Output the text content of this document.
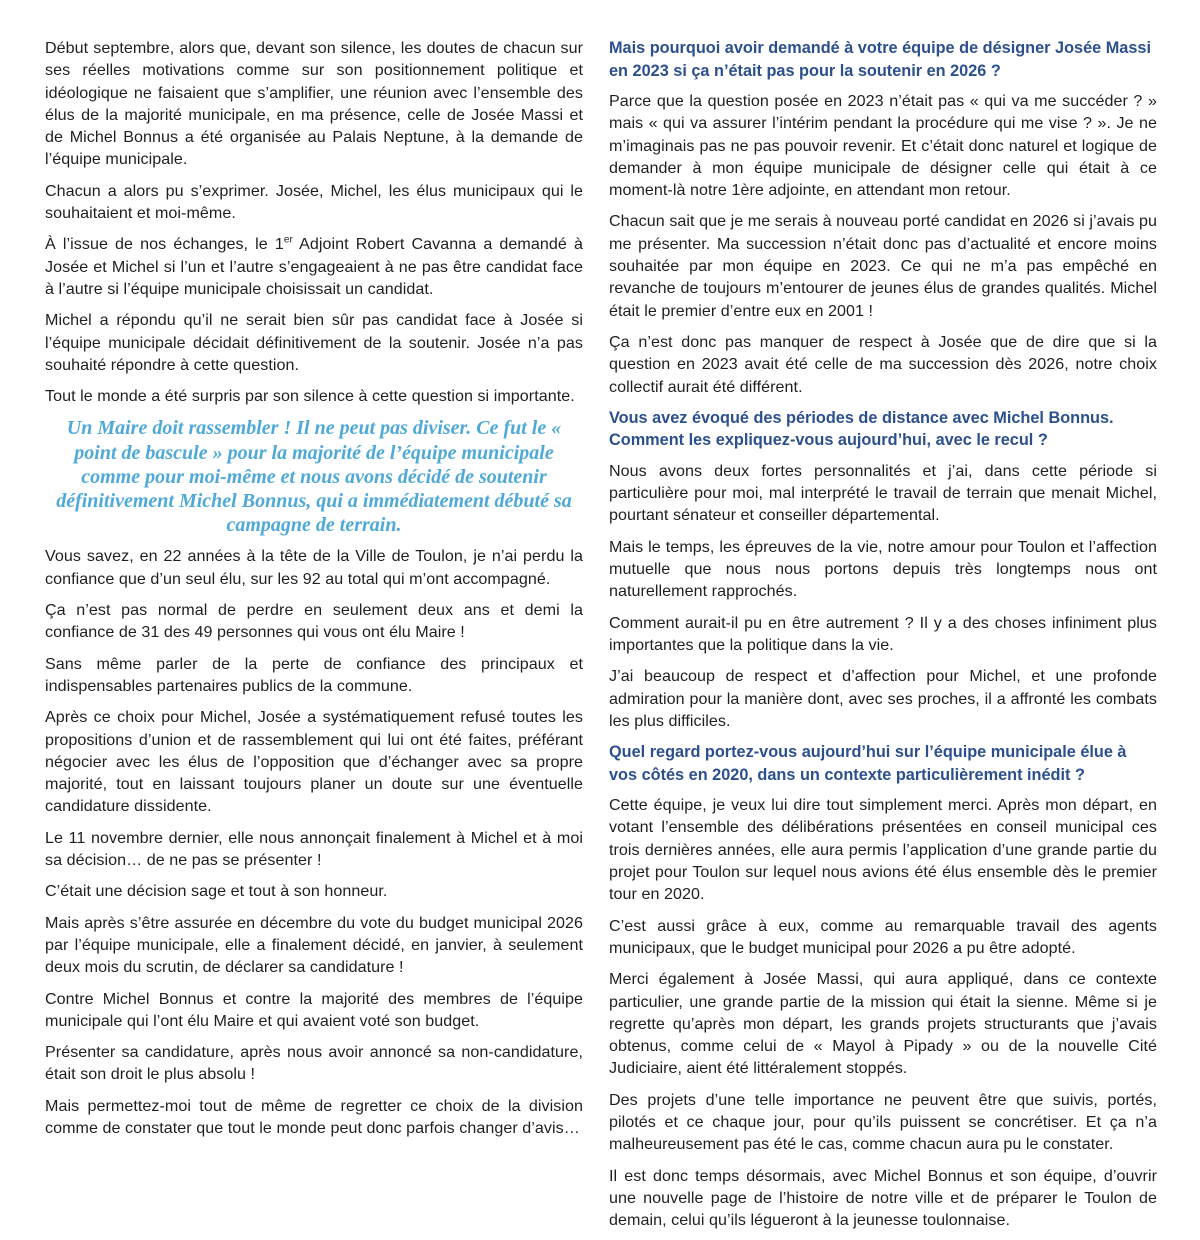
Début septembre, alors que, devant son silence, les doutes de chacun sur ses réelles motivations comme sur son positionnement politique et idéologique ne faisaient que s’amplifier, une réunion avec l’ensemble des élus de la majorité municipale, en ma présence, celle de Josée Massi et de Michel Bonnus a été organisée au Palais Neptune, à la demande de l’équipe municipale.

Chacun a alors pu s’exprimer. Josée, Michel, les élus municipaux qui le souhaitaient et moi-même.

À l’issue de nos échanges, le 1er Adjoint Robert Cavanna a demandé à Josée et Michel si l’un et l’autre s’engageaient à ne pas être candidat face à l’autre si l’équipe municipale choisissait un candidat.

Michel a répondu qu’il ne serait bien sûr pas candidat face à Josée si l’équipe municipale décidait définitivement de la soutenir. Josée n’a pas souhaité répondre à cette question.

Tout le monde a été surpris par son silence à cette question si importante.

Un Maire doit rassembler ! Il ne peut pas diviser. Ce fut le « point de bascule » pour la majorité de l’équipe municipale comme pour moi-même et nous avons décidé de soutenir définitivement Michel Bonnus, qui a immédiatement débuté sa campagne de terrain.

Vous savez, en 22 années à la tête de la Ville de Toulon, je n’ai perdu la confiance que d’un seul élu, sur les 92 au total qui m’ont accompagné.

Ça n’est pas normal de perdre en seulement deux ans et demi la confiance de 31 des 49 personnes qui vous ont élu Maire !

Sans même parler de la perte de confiance des principaux et indispensables partenaires publics de la commune.

Après ce choix pour Michel, Josée a systématiquement refusé toutes les propositions d’union et de rassemblement qui lui ont été faites, préférant négocier avec les élus de l’opposition que d’échanger avec sa propre majorité, tout en laissant toujours planer un doute sur une éventuelle candidature dissidente.

Le 11 novembre dernier, elle nous annonçait finalement à Michel et à moi sa décision… de ne pas se présenter !

C’était une décision sage et tout à son honneur.

Mais après s’être assurée en décembre du vote du budget municipal 2026 par l’équipe municipale, elle a finalement décidé, en janvier, à seulement deux mois du scrutin, de déclarer sa candidature !

Contre Michel Bonnus et contre la majorité des membres de l’équipe municipale qui l’ont élu Maire et qui avaient voté son budget.

Présenter sa candidature, après nous avoir annoncé sa non-candidature, était son droit le plus absolu !

Mais permettez-moi tout de même de regretter ce choix de la division comme de constater que tout le monde peut donc parfois changer d’avis…

Mais pourquoi avoir demandé à votre équipe de désigner Josée Massi en 2023 si ça n’était pas pour la soutenir en 2026 ?

Parce que la question posée en 2023 n’était pas « qui va me succéder ? » mais « qui va assurer l’intérim pendant la procédure qui me vise ? ». Je ne m’imaginais pas ne pas pouvoir revenir. Et c’était donc naturel et logique de demander à mon équipe municipale de désigner celle qui était à ce moment-là notre 1ère adjointe, en attendant mon retour.

Chacun sait que je me serais à nouveau porté candidat en 2026 si j’avais pu me présenter. Ma succession n’était donc pas d’actualité et encore moins souhaitée par mon équipe en 2023. Ce qui ne m’a pas empêché en revanche de toujours m’entourer de jeunes élus de grandes qualités. Michel était le premier d’entre eux en 2001 !

Ça n’est donc pas manquer de respect à Josée que de dire que si la question en 2023 avait été celle de ma succession dès 2026, notre choix collectif aurait été différent.

Vous avez évoqué des périodes de distance avec Michel Bonnus. Comment les expliquez-vous aujourd’hui, avec le recul ?

Nous avons deux fortes personnalités et j’ai, dans cette période si particulière pour moi, mal interprété le travail de terrain que menait Michel, pourtant sénateur et conseiller départemental.

Mais le temps, les épreuves de la vie, notre amour pour Toulon et l’affection mutuelle que nous nous portons depuis très longtemps nous ont naturellement rapprochés.

Comment aurait-il pu en être autrement ? Il y a des choses infiniment plus importantes que la politique dans la vie.

J’ai beaucoup de respect et d’affection pour Michel, et une profonde admiration pour la manière dont, avec ses proches, il a affronté les combats les plus difficiles.

Quel regard portez-vous aujourd’hui sur l’équipe municipale élue à vos côtés en 2020, dans un contexte particulièrement inédit ?

Cette équipe, je veux lui dire tout simplement merci. Après mon départ, en votant l’ensemble des délibérations présentées en conseil municipal ces trois dernières années, elle aura permis l’application d’une grande partie du projet pour Toulon sur lequel nous avions été élus ensemble dès le premier tour en 2020.

C’est aussi grâce à eux, comme au remarquable travail des agents municipaux, que le budget municipal pour 2026 a pu être adopté.

Merci également à Josée Massi, qui aura appliqué, dans ce contexte particulier, une grande partie de la mission qui était la sienne. Même si je regrette qu’après mon départ, les grands projets structurants que j’avais obtenus, comme celui de « Mayol à Pipady » ou de la nouvelle Cité Judiciaire, aient été littéralement stoppés.

Des projets d’une telle importance ne peuvent être que suivis, portés, pilotés et ce chaque jour, pour qu’ils puissent se concrétiser. Et ça n’a malheureusement pas été le cas, comme chacun aura pu le constater.

Il est donc temps désormais, avec Michel Bonnus et son équipe, d’ouvrir une nouvelle page de l’histoire de notre ville et de préparer le Toulon de demain, celui qu’ils légueront à la jeunesse toulonnaise.
